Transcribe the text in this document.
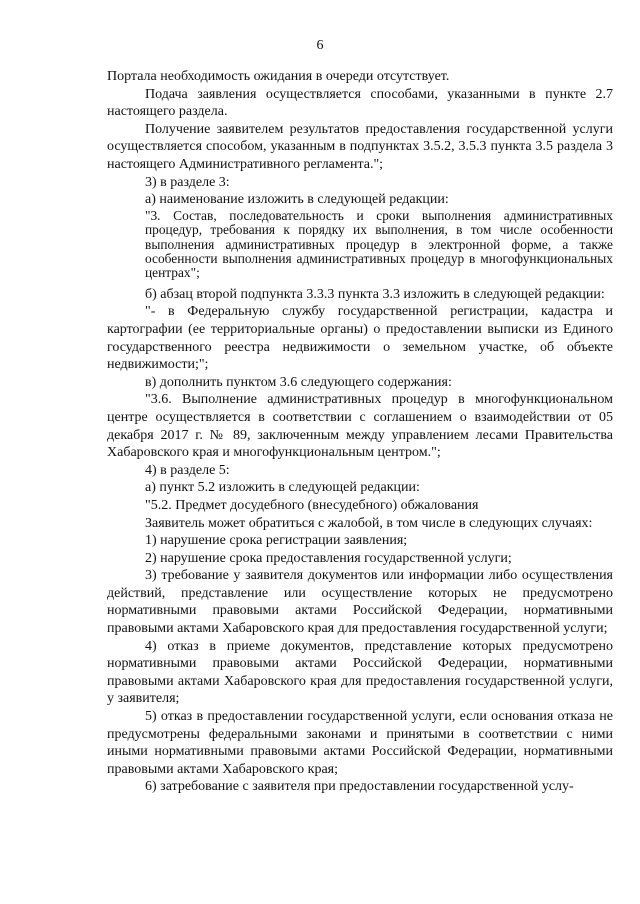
6

Портала необходимость ожидания в очереди отсутствует.

Подача заявления осуществляется способами, указанными в пункте 2.7 настоящего раздела.

Получение заявителем результатов предоставления государственной услуги осуществляется способом, указанным в подпунктах 3.5.2, 3.5.3 пункта 3.5 раздела 3 настоящего Административного регламента.";

3) в разделе 3:

а) наименование изложить в следующей редакции:

"3. Состав, последовательность и сроки выполнения административных процедур, требования к порядку их выполнения, в том числе особенности выполнения административных процедур в электронной форме, а также особенности выполнения административных процедур в многофункциональных центрах";

б) абзац второй подпункта 3.3.3 пункта 3.3 изложить в следующей редакции:

"- в Федеральную службу государственной регистрации, кадастра и картографии (ее территориальные органы) о предоставлении выписки из Единого государственного реестра недвижимости о земельном участке, об объекте недвижимости;";

в) дополнить пунктом 3.6 следующего содержания:

"3.6. Выполнение административных процедур в многофункциональном центре осуществляется в соответствии с соглашением о взаимодействии от 05 декабря 2017 г. № 89, заключенным между управлением лесами Правительства Хабаровского края и многофункциональным центром.";

4) в разделе 5:

а) пункт 5.2 изложить в следующей редакции:

"5.2. Предмет досудебного (внесудебного) обжалования

Заявитель может обратиться с жалобой, в том числе в следующих случаях:

1) нарушение срока регистрации заявления;

2) нарушение срока предоставления государственной услуги;

3) требование у заявителя документов или информации либо осуществления действий, представление или осуществление которых не предусмотрено нормативными правовыми актами Российской Федерации, нормативными правовыми актами Хабаровского края для предоставления государственной услуги;

4) отказ в приеме документов, представление которых предусмотрено нормативными правовыми актами Российской Федерации, нормативными правовыми актами Хабаровского края для предоставления государственной услуги, у заявителя;

5) отказ в предоставлении государственной услуги, если основания отказа не предусмотрены федеральными законами и принятыми в соответствии с ними иными нормативными правовыми актами Российской Федерации, нормативными правовыми актами Хабаровского края;

6) затребование с заявителя при предоставлении государственной услу-
